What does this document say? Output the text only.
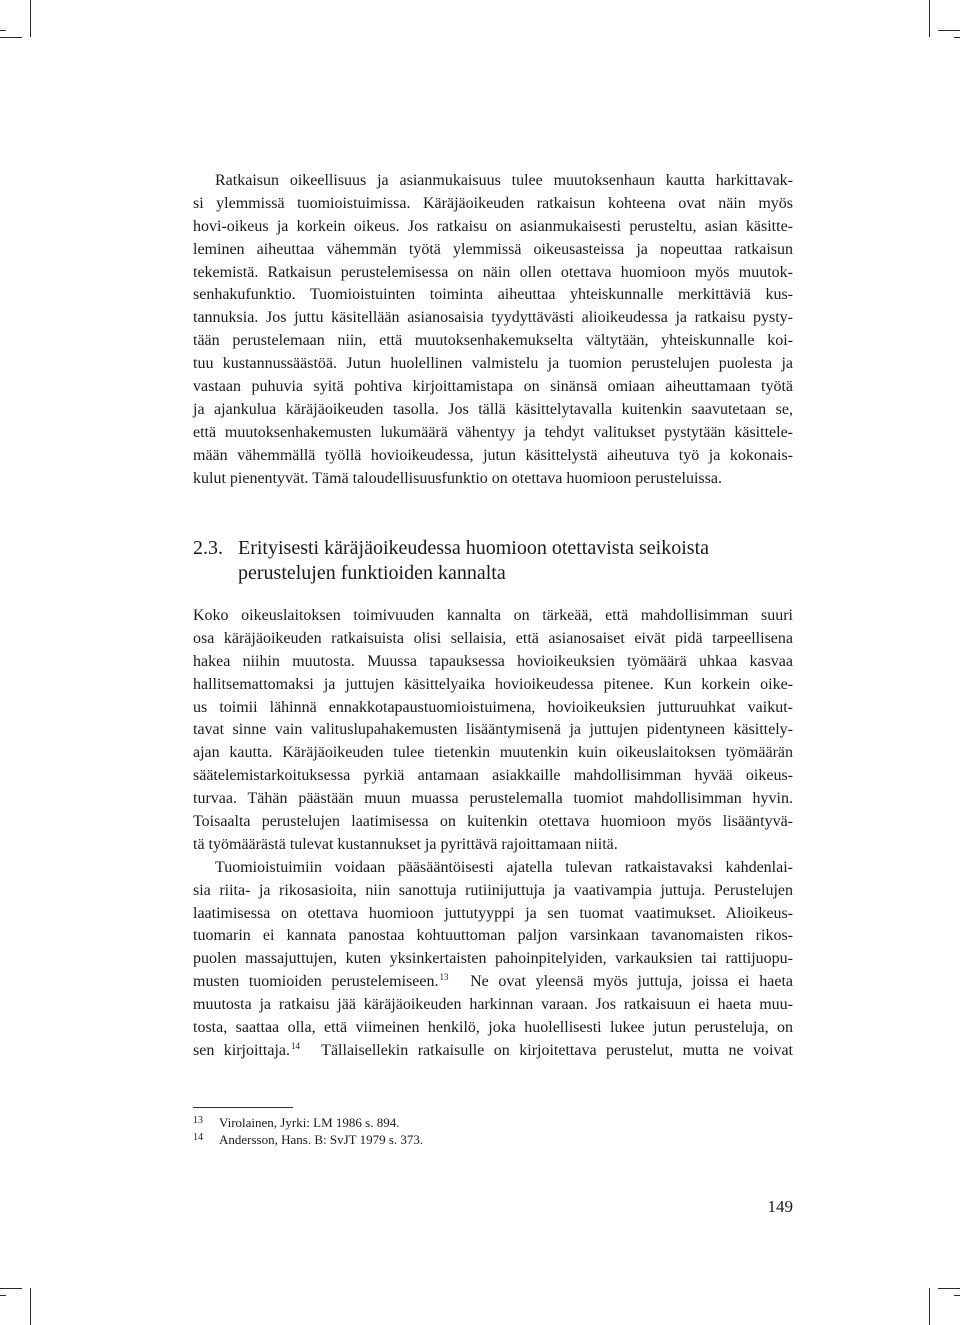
Ratkaisun oikeellisuus ja asianmukaisuus tulee muutoksenhaun kautta harkittavak-
si ylemmissä tuomioistuimissa. Käräjäoikeuden ratkaisun kohteena ovat näin myös
hovi-oikeus ja korkein oikeus. Jos ratkaisu on asianmukaisesti perusteltu, asian käsitte-
leminen aiheuttaa vähemmän työtä ylemmissä oikeusasteissa ja nopeuttaa ratkaisun
tekemistä. Ratkaisun perustelemisessa on näin ollen otettava huomioon myös muutok-
senhakufunktio. Tuomioistuinten toiminta aiheuttaa yhteiskunnalle merkittäviä kus-
tannuksia. Jos juttu käsitellään asianosaisia tyydyttävästi alioikeudessa ja ratkaisu pysty-
tään perustelemaan niin, että muutoksenhakemukselta vältytään, yhteiskunnalle koi-
tuu kustannussäästöä. Jutun huolellinen valmistelu ja tuomion perustelujen puolesta ja
vastaan puhuvia syitä pohtiva kirjoittamistapa on sinänsä omiaan aiheuttamaan työtä
ja ajankulua käräjäoikeuden tasolla. Jos tällä käsittelytavalla kuitenkin saavutetaan se,
että muutoksenhakemusten lukumäärä vähentyy ja tehdyt valitukset pystytään käsittele-
mään vähemmällä työllä hovioikeudessa, jutun käsittelystä aiheutuva työ ja kokonais-
kulut pienentyvät. Tämä taloudellisuusfunktio on otettava huomioon perusteluissa.
2.3. Erityisesti käräjäoikeudessa huomioon otettavista seikoista
perustelujen funktioiden kannalta
Koko oikeuslaitoksen toimivuuden kannalta on tärkeää, että mahdollisimman suuri
osa käräjäoikeuden ratkaisuista olisi sellaisia, että asianosaiset eivät pidä tarpeellisena
hakea niihin muutosta. Muussa tapauksessa hovioikeuksien työmäärä uhkaa kasvaa
hallitsemattomaksi ja juttujen käsittelyaika hovioikeudessa pitenee. Kun korkein oike-
us toimii lähinnä ennakkotapaustuomioistuimena, hovioikeuksien jutturuuhkat vaikut-
tavat sinne vain valituslupahakemusten lisääntymisenä ja juttujen pidentyneen käsittely-
ajan kautta. Käräjäoikeuden tulee tietenkin muutenkin kuin oikeuslaitoksen työmäärän
säätelemistarkoituksessa pyrkiä antamaan asiakkaille mahdollisimman hyvää oikeus-
turvaa. Tähän päästään muun muassa perustelemalla tuomiot mahdollisimman hyvin.
Toisaalta perustelujen laatimisessa on kuitenkin otettava huomioon myös lisääntyvä-
tä työmäärästä tulevat kustannukset ja pyrittävä rajoittamaan niitä.
Tuomioistuimiin voidaan pääsääntöisesti ajatella tulevan ratkaistavaksi kahdenlai-
sia riita- ja rikosasioita, niin sanottuja rutiinijuttuja ja vaativampia juttuja. Perustelujen
laatimisessa on otettava huomioon juttutyyppi ja sen tuomat vaatimukset. Alioikeus-
tuomarin ei kannata panostaa kohtuuttoman paljon varsinkaan tavanomaisten rikos-
puolen massajuttujen, kuten yksinkertaisten pahoinpitelyiden, varkauksien tai rattijuopu-
musten tuomioiden perustelemiseen.$^{13}$ Ne ovat yleensä myös juttuja, joissa ei haeta
muutosta ja ratkaisu jää käräjäoikeuden harkinnan varaan. Jos ratkaisuun ei haeta muu-
tosta, saattaa olla, että viimeinen henkilö, joka huolellisesti lukee jutun perusteluja, on
sen kirjoittaja.$^{14}$ Tällaisellekin ratkaisulle on kirjoitettava perustelut, mutta ne voivat
13 Virolainen, Jyrki: LM 1986 s. 894.
14 Andersson, Hans. B: SvJT 1979 s. 373.
149
